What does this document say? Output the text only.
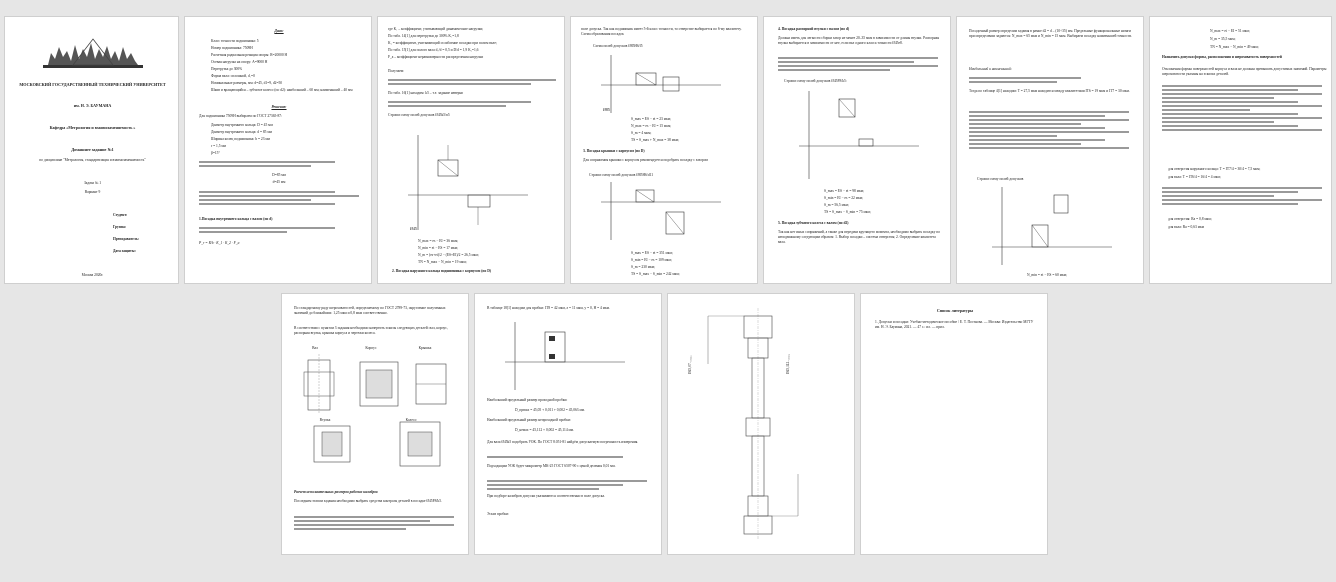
МОСКОВСКИЙ ГОСУДАРСТВЕННЫЙ ТЕХНИЧЕСКИЙ УНИВЕРСИТЕТ
им. Н. Э. БАУМАНА
Кафедра «Метрология и взаимозаменяемость »
Домашнее задание №1
по дисциплине "Метрология, стандартизация и взаимозаменяемость"
Задача № 1
Вариант 9
Студент:
Группа:
Преподаватель:
Дата защиты:
Москва 2020г.
Дано:
Класс точности подшипника: 5
Номер подшипника: 7509H
Расчетная радиальная реакция опоры: R=20000 Н
Осевая нагрузка на опору: А=9000 Н
Перегрузка до 300%
Форма вала: сплошной, d₁=0
Номинальные размеры, мм: d=45, d1=9, d2=50
Шкив и вращающийся – зубчатое колесо (по d2): наибольший – 60 мм; наименьший – 40 мм
Решение:
Для подшипника 7509H выбираем по ГОСТ 27365-87:
Диаметр внутреннего кольца: D = 45 мм
Диаметр внутреннего кольца: d = 85 мм
Ширина колец подшипника: b = 23 мм
r = 1,5 мм
β=15°
D=85 мм
d=45 мм
1.Посадка внутреннего кольца с валом (по d)
P_r = R/b · K_1 · K_2 · F_a
где K₁ – коэффициент, учитывающий динамические нагрузки;
По табл. 14[1] для перегрузки до 300% K₁=1,8
K₂ = коэффициент, учитывающий ослабление посадки при полом вале;
По табл. 15[1] для полого вала d₁/d = 0,5 и D/d = 1,9 K₂=1,6
F_a – коэффициент неравномерности распределения нагрузки
Получаем:
По табл. 16[1] находим: k5 – т.е. задание неверно
Строим схему полей допусков Ø45k5/n5
Ø45
N_max = es − EI = 36 мкм;
N_min = ei − ES = 17 мкм;
N_m = (es+ei)/2 − (ES+EI)/2 = 26,5 мкм;
TN = N_max − N_min = 19 мкм;
2. Посадка наружного кольца подшипника с корпусом (по D)
поле допуска. Так как подшипник имеет 5-й класс точности, то отверстие выбирается по 6-му квалитету. Схема образования посадок
Схема полей допусков Ø85H6/l5
Ø85
S_max = ES − ei = 23 мкм;
N_max = es − EI = 15 мкм;
S_m = 4 мкм;
TS = S_max + N_max = 38 мкм;
3. Посадка крышки с корпусом (по D)
Для сопряжения крышки с корпусом рекомендуется подобрать посадку с зазором
Строим схему полей допусков Ø85H6/d11
S_max = ES − ei = 351 мкм;
S_min = EI − es = 109 мкм;
S_m = 230 мкм;
TS = S_max − S_min = 242 мкм;
4. Посадка распорной втулки с валом (по d)
Должна иметь для легкости сборки зазор не менее 20–35 мкм в зависимости от длины втулки. Распорная втулка выбирается в зависимости от нее, если вал одного класса точности Ø45e8.
Строим схему полей допусков Ø45F8/k5:
S_max = ES − ei = 98 мкм;
S_min = EI − es = 22 мкм;
S_m = 56,5 мкм;
TS = S_max − S_min = 75 мкм;
5. Посадка зубчатого колеса с валом (по d2)
Так как нет иных сопряжений, а также для передачи крутящего момента, необходимо выбрать посадку по неподвижному следующим образом: 1. Выбор посадки – система отверстия; 2. Определение квалитета вала.
Посадочный размер определим задавая в рамке d2 = d – (10÷35) мм. Предельные функциональные натяги при определении задаются: N_max = 65 мкм и N_min = 15 мкм. Выбираем посадку наименьшей точности.
Наибольший и наименьший:
Тогда по таблице 4[1] находим: T = 27,5 мкм находится между квалитетами IT6 = 19 мкм и IT7 = 30 мкм.
Строим схему полей допусков
N_min = ei − ES = 60 мкм;
N_max = ei − EI = 51 мкм;
N_m = 35,5 мкм;
TN = N_max − N_min = 49 мкм;
Назначить допуски формы, расположения и шероховатость поверхностей
Отклонения формы поверхностей корпуса и вала не должны превышать допустимых значений. Параметры шероховатости указаны на эскизах деталей.
для отверстия наружного кольца: Т = IT7/4 = 30/4 = 7,5 мкм;
для вала: Т = IT6/4 = 16/4 = 4 мкм;
для отверстия: Ra = 0,8 мкм;
для вала: Ra = 0,63 мкм
По стандартному ряду шероховатостей, определяемому по ГОСТ 2789-73, округление полученных значений до ближайших: 1,25 мкм и 0,8 мкм соответственно.
В соответствии с пунктом 3 задания необходимо начертить эскизы следующих деталей: вал, корпус, распорная втулка, крышка корпуса и чертежи колеса.
Вал	Корпус	Крышка
Втулка	Колесо
Расчет исполнительных размеров рабочих калибров
Последним этапом задания необходимо выбрать средства контроля деталей в посадке Ø45F8/k5.
В таблице 18[1] находим для пробки: IT8 = 42 мкм, z = 11 мкм, y = 0, H = 4 мкм.
Наибольший предельный размер проходной пробки:
D_прmax = 45,05 + 0,011 + 0,002 = 45,063 мм.
Наибольший предельный размер непроходной пробки:
D_немax = 45,112 + 0,002 = 45,114 мм.
Для вала Ø45k5 подобрать УОК. По ГОСТ 8.051-81 найдём допускаемую погрешность измерения.
Подходящим УОК будет микрометр МК-25 ГОСТ 6507-90 с ценой деления 0,01 мм.
При подборе калибров допуски указываются соответственно в поле допуска.
Эскиз пробки:
Ø45,07₋₀,₀₀₄	Ø45,112₋₀,₀₀₄
Список литературы
1. Допуски и посадки: Учебно-методическое пособие / Е. Т. Постнова. — Москва: Издательство МГТУ им. Н. Э. Баумана, 2021. — 47 с.: ил. — прил.
